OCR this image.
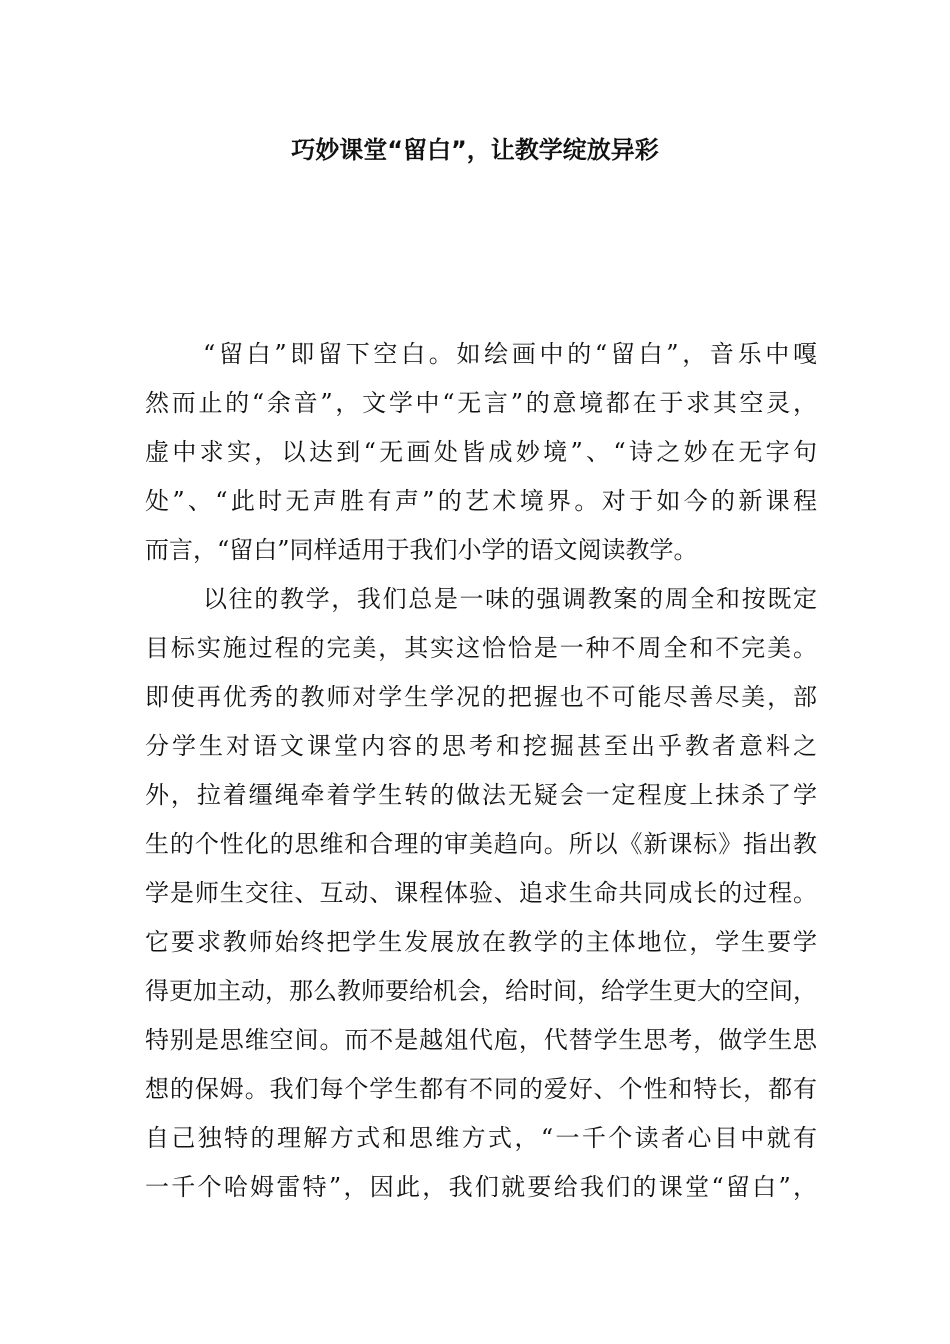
巧妙课堂“留白”，让教学绽放异彩
“留白”即留下空白。如绘画中的“留白”，音乐中嘎
然而止的“余音”，文学中“无言”的意境都在于求其空灵，
虚中求实，以达到“无画处皆成妙境”、“诗之妙在无字句
处”、“此时无声胜有声”的艺术境界。对于如今的新课程
而言，“留白”同样适用于我们小学的语文阅读教学。
以往的教学，我们总是一味的强调教案的周全和按既定
目标实施过程的完美，其实这恰恰是一种不周全和不完美。
即使再优秀的教师对学生学况的把握也不可能尽善尽美，部
分学生对语文课堂内容的思考和挖掘甚至出乎教者意料之
外，拉着缰绳牵着学生转的做法无疑会一定程度上抹杀了学
生的个性化的思维和合理的审美趋向。所以《新课标》指出教
学是师生交往、互动、课程体验、追求生命共同成长的过程。
它要求教师始终把学生发展放在教学的主体地位，学生要学
得更加主动，那么教师要给机会，给时间，给学生更大的空间，
特别是思维空间。而不是越俎代庖，代替学生思考，做学生思
想的保姆。我们每个学生都有不同的爱好、个性和特长，都有
自己独特的理解方式和思维方式，“一千个读者心目中就有
一千个哈姆雷特”，因此，我们就要给我们的课堂“留白”，
